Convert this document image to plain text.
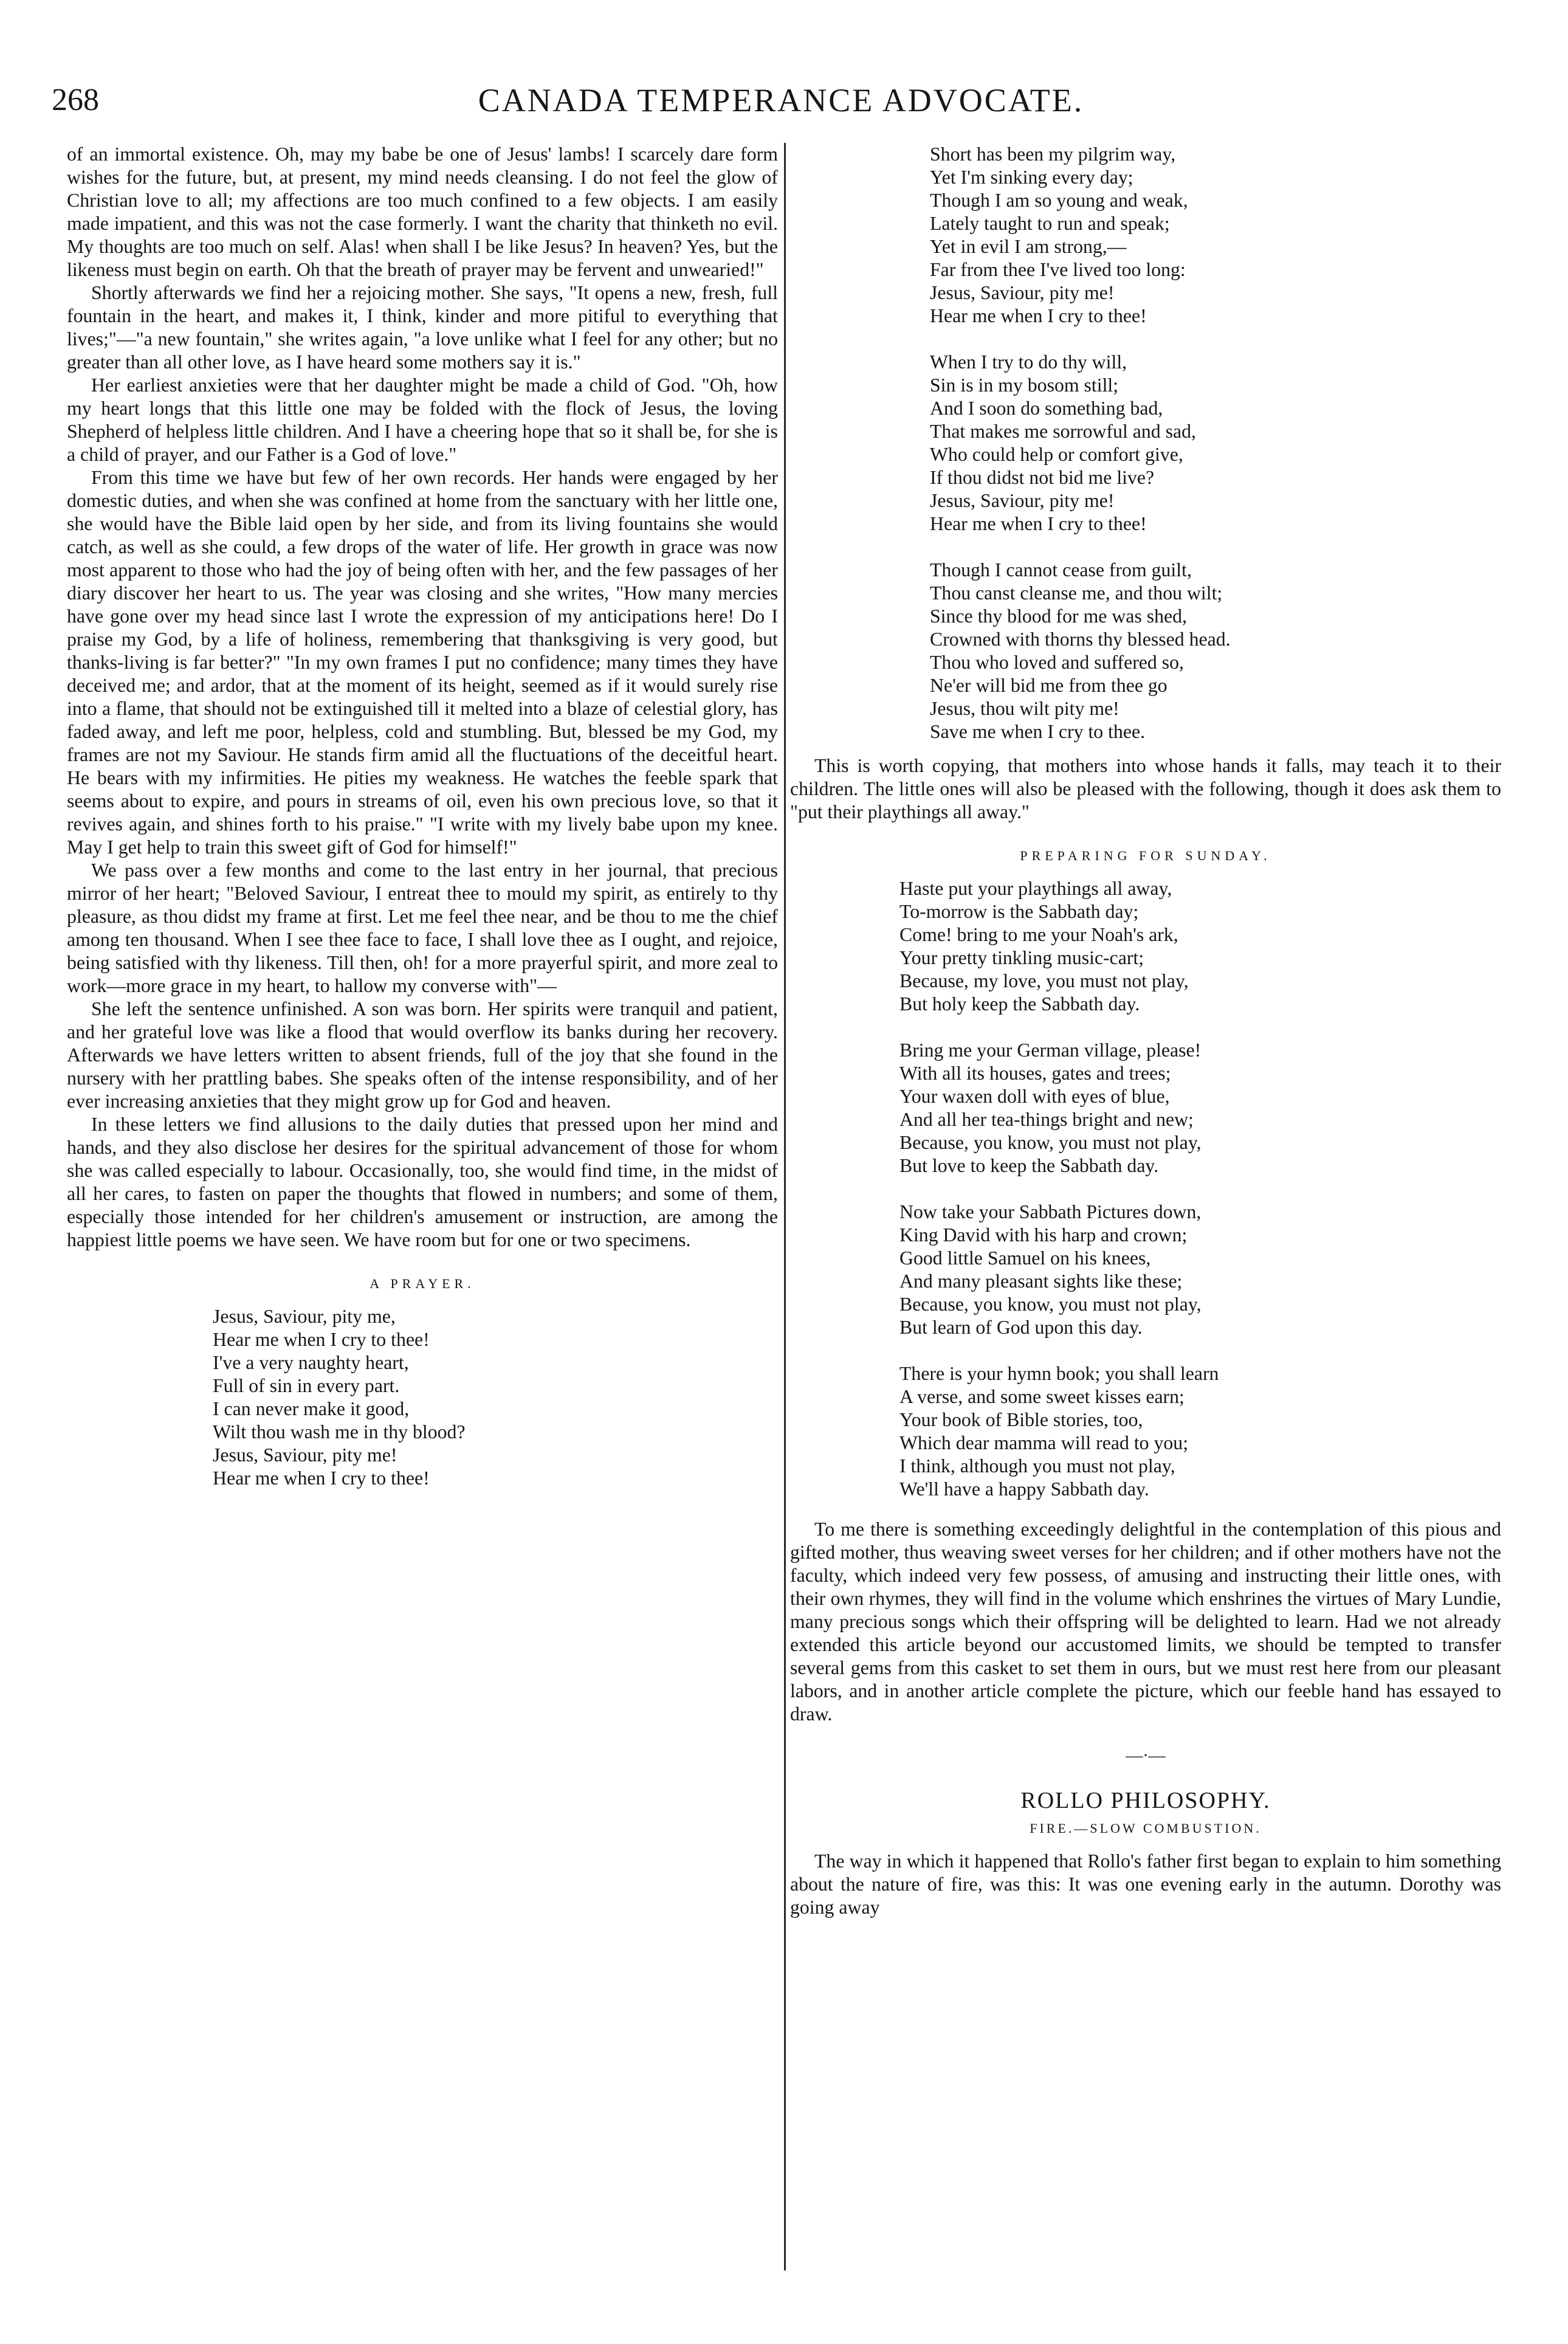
268	CANADA TEMPERANCE ADVOCATE.

of an immortal existence. Oh, may my babe be one of Jesus' lambs! I scarcely dare form wishes for the future, but, at present, my mind needs cleansing. I do not feel the glow of Christian love to all; my affections are too much confined to a few objects. I am easily made impatient, and this was not the case formerly. I want the charity that thinketh no evil. My thoughts are too much on self. Alas! when shall I be like Jesus? In heaven? Yes, but the likeness must begin on earth. Oh that the breath of prayer may be fervent and unwearied!"

Shortly afterwards we find her a rejoicing mother. She says, "It opens a new, fresh, full fountain in the heart, and makes it, I think, kinder and more pitiful to everything that lives;"—"a new fountain," she writes again, "a love unlike what I feel for any other; but no greater than all other love, as I have heard some mothers say it is."

Her earliest anxieties were that her daughter might be made a child of God. "Oh, how my heart longs that this little one may be folded with the flock of Jesus, the loving Shepherd of helpless little children. And I have a cheering hope that so it shall be, for she is a child of prayer, and our Father is a God of love."

From this time we have but few of her own records. Her hands were engaged by her domestic duties, and when she was confined at home from the sanctuary with her little one, she would have the Bible laid open by her side, and from its living fountains she would catch, as well as she could, a few drops of the water of life. Her growth in grace was now most apparent to those who had the joy of being often with her, and the few passages of her diary discover her heart to us. The year was closing and she writes, "How many mercies have gone over my head since last I wrote the expression of my anticipations here! Do I praise my God, by a life of holiness, remembering that thanksgiving is very good, but thanks-living is far better?" "In my own frames I put no confidence; many times they have deceived me; and ardor, that at the moment of its height, seemed as if it would surely rise into a flame, that should not be extinguished till it melted into a blaze of celestial glory, has faded away, and left me poor, helpless, cold and stumbling. But, blessed be my God, my frames are not my Saviour. He stands firm amid all the fluctuations of the deceitful heart. He bears with my infirmities. He pities my weakness. He watches the feeble spark that seems about to expire, and pours in streams of oil, even his own precious love, so that it revives again, and shines forth to his praise." "I write with my lively babe upon my knee. May I get help to train this sweet gift of God for himself!"

We pass over a few months and come to the last entry in her journal, that precious mirror of her heart; "Beloved Saviour, I entreat thee to mould my spirit, as entirely to thy pleasure, as thou didst my frame at first. Let me feel thee near, and be thou to me the chief among ten thousand. When I see thee face to face, I shall love thee as I ought, and rejoice, being satisfied with thy likeness. Till then, oh! for a more prayerful spirit, and more zeal to work—more grace in my heart, to hallow my converse with"—

She left the sentence unfinished. A son was born. Her spirits were tranquil and patient, and her grateful love was like a flood that would overflow its banks during her recovery. Afterwards we have letters written to absent friends, full of the joy that she found in the nursery with her prattling babes. She speaks often of the intense responsibility, and of her ever increasing anxieties that they might grow up for God and heaven.

In these letters we find allusions to the daily duties that pressed upon her mind and hands, and they also disclose her desires for the spiritual advancement of those for whom she was called especially to labour. Occasionally, too, she would find time, in the midst of all her cares, to fasten on paper the thoughts that flowed in numbers; and some of them, especially those intended for her children's amusement or instruction, are among the happiest little poems we have seen. We have room but for one or two specimens.

A PRAYER.
Jesus, Saviour, pity me,
Hear me when I cry to thee!
I've a very naughty heart,
Full of sin in every part.
I can never make it good,
Wilt thou wash me in thy blood?
Jesus, Saviour, pity me!
Hear me when I cry to thee!
Short has been my pilgrim way,
Yet I'm sinking every day;
Though I am so young and weak,
Lately taught to run and speak;
Yet in evil I am strong,—
Far from thee I've lived too long:
Jesus, Saviour, pity me!
Hear me when I cry to thee!
When I try to do thy will,
Sin is in my bosom still;
And I soon do something bad,
That makes me sorrowful and sad,
Who could help or comfort give,
If thou didst not bid me live?
Jesus, Saviour, pity me!
Hear me when I cry to thee!
Though I cannot cease from guilt,
Thou canst cleanse me, and thou wilt;
Since thy blood for me was shed,
Crowned with thorns thy blessed head.
Thou who loved and suffered so,
Ne'er will bid me from thee go
Jesus, thou wilt pity me!
Save me when I cry to thee.

This is worth copying, that mothers into whose hands it falls, may teach it to their children. The little ones will also be pleased with the following, though it does ask them to "put their playthings all away."

PREPARING FOR SUNDAY.
Haste put your playthings all away,
To-morrow is the Sabbath day;
Come! bring to me your Noah's ark,
Your pretty tinkling music-cart;
Because, my love, you must not play,
But holy keep the Sabbath day.
Bring me your German village, please!
With all its houses, gates and trees;
Your waxen doll with eyes of blue,
And all her tea-things bright and new;
Because, you know, you must not play,
But love to keep the Sabbath day.
Now take your Sabbath Pictures down,
King David with his harp and crown;
Good little Samuel on his knees,
And many pleasant sights like these;
Because, you know, you must not play,
But learn of God upon this day.
There is your hymn book; you shall learn
A verse, and some sweet kisses earn;
Your book of Bible stories, too,
Which dear mamma will read to you;
I think, although you must not play,
We'll have a happy Sabbath day.

To me there is something exceedingly delightful in the contemplation of this pious and gifted mother, thus weaving sweet verses for her children; and if other mothers have not the faculty, which indeed very few possess, of amusing and instructing their little ones, with their own rhymes, they will find in the volume which enshrines the virtues of Mary Lundie, many precious songs which their offspring will be delighted to learn. Had we not already extended this article beyond our accustomed limits, we should be tempted to transfer several gems from this casket to set them in ours, but we must rest here from our pleasant labors, and in another article complete the picture, which our feeble hand has essayed to draw.

—·—
ROLLO PHILOSOPHY.
FIRE.—SLOW COMBUSTION.

The way in which it happened that Rollo's father first began to explain to him something about the nature of fire, was this: It was one evening early in the autumn. Dorothy was going away
